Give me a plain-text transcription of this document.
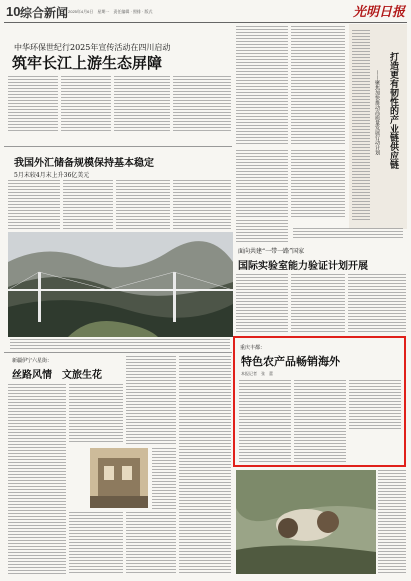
10 综合新闻 2025年4月6日　星期一　责任编辑 · 照排 · 版式	光明日报
中华环保世纪行2025年宣传活动在四川启动
筑牢长江上游生态屏障	打造更有韧性的产业链供应链
——聚焦加快推动高质量发展行动计划
我国外汇储备规模保持基本稳定
5月末较4月末上升36亿美元
面向共建“一带一路”国家
国际实验室能力验证计划开展
新疆伊宁六星街：
丝路风情　文旅生花
重庆丰都：
特色农产品畅销海外
本报记者　张　蕾
